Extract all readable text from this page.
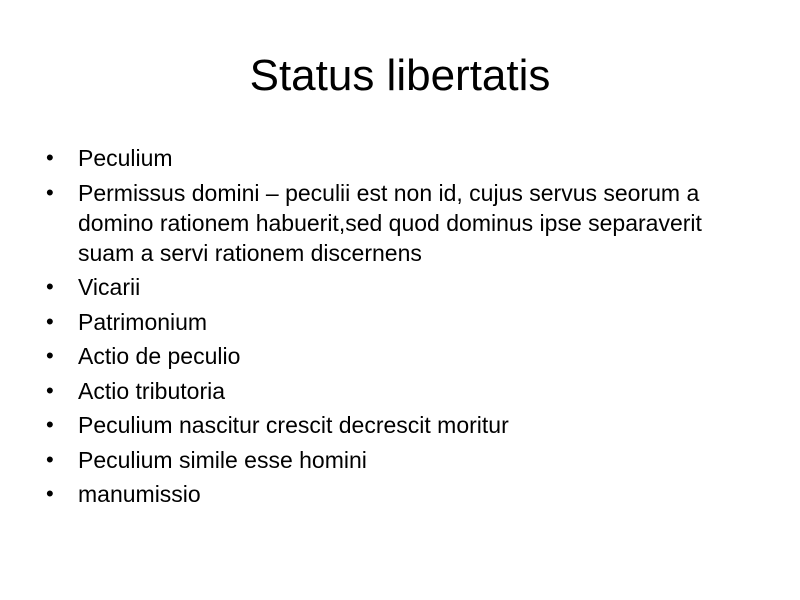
Status libertatis
• Peculium
• Permissus domini – peculii est non id, cujus servus seorum a domino rationem habuerit,sed quod dominus ipse separaverit suam a servi rationem discernens
• Vicarii
• Patrimonium
• Actio de peculio
• Actio tributoria
• Peculium nascitur crescit decrescit moritur
• Peculium simile esse homini
• manumissio
